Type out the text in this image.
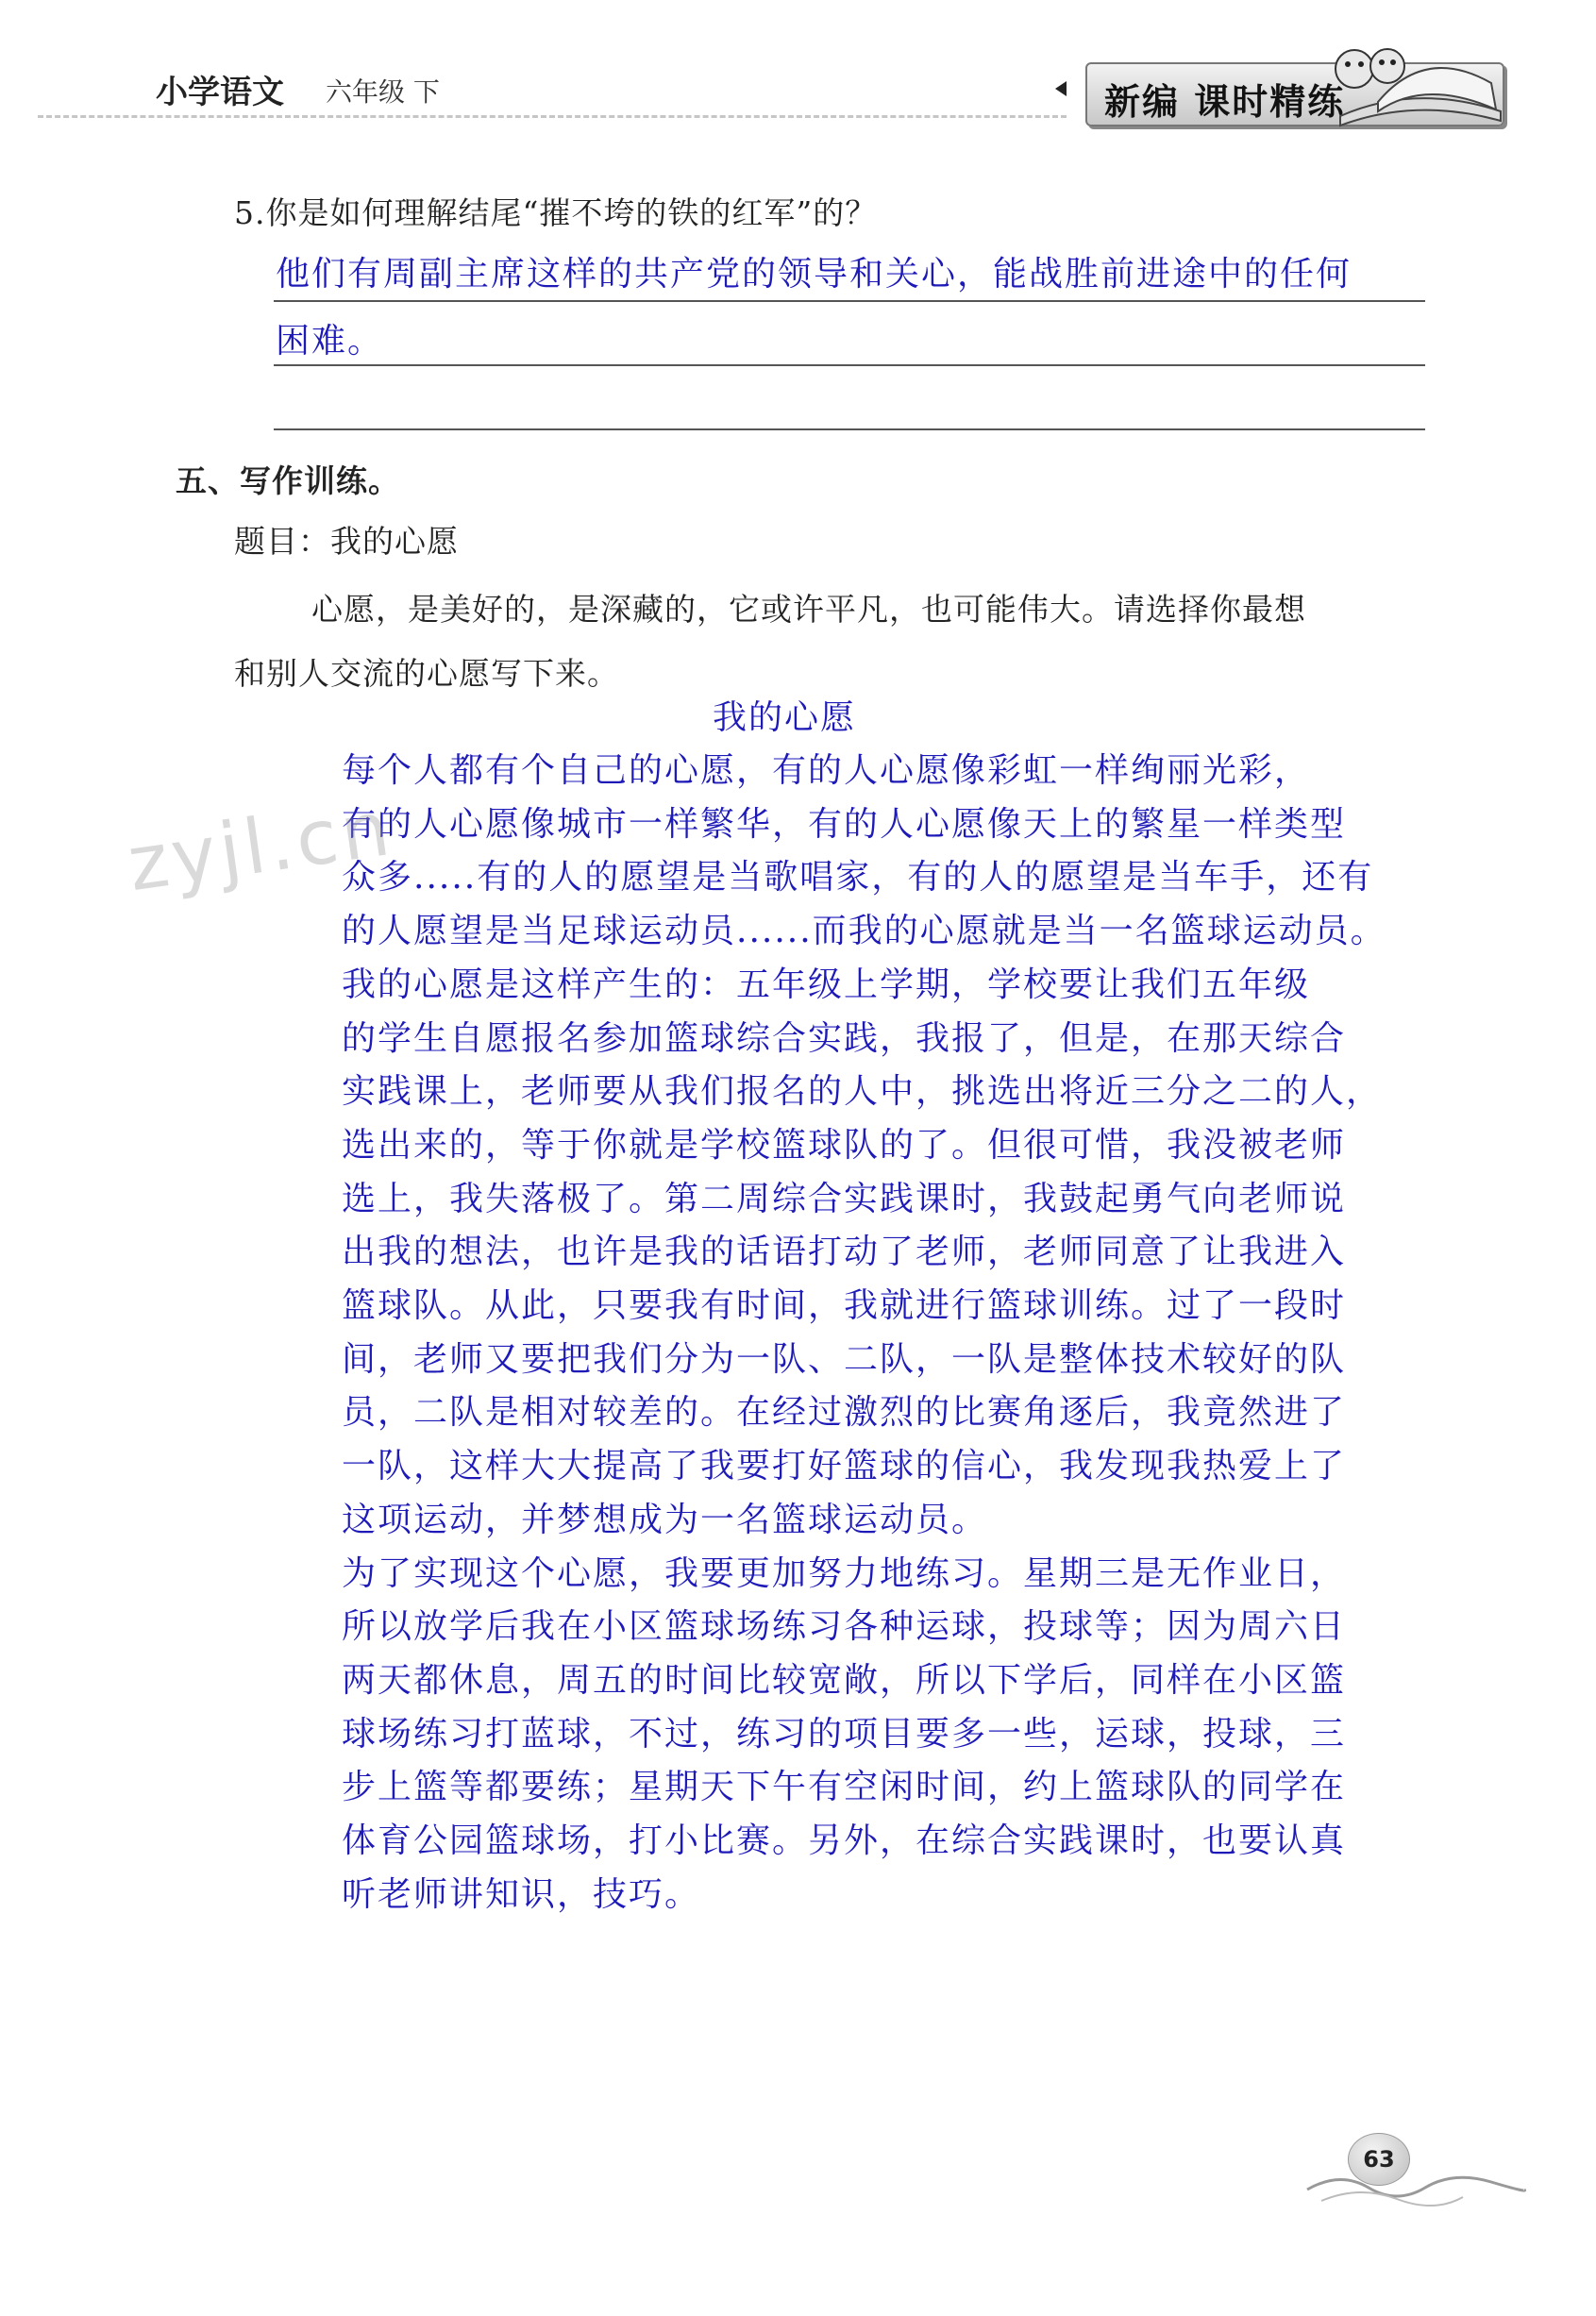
小学语文 六年级 下	新编 课时精练
5.你是如何理解结尾“摧不垮的铁的红军”的？
他们有周副主席这样的共产党的领导和关心，能战胜前进途中的任何
困难。
五、写作训练。
题目：我的心愿
心愿，是美好的，是深藏的，它或许平凡，也可能伟大。请选择你最想
和别人交流的心愿写下来。
我的心愿
每个人都有个自己的心愿，有的人心愿像彩虹一样绚丽光彩，
有的人心愿像城市一样繁华，有的人心愿像天上的繁星一样类型
众多.....有的人的愿望是当歌唱家，有的人的愿望是当车手，还有
的人愿望是当足球运动员......而我的心愿就是当一名篮球运动员。
我的心愿是这样产生的：五年级上学期，学校要让我们五年级
的学生自愿报名参加篮球综合实践，我报了，但是，在那天综合
实践课上，老师要从我们报名的人中，挑选出将近三分之二的人，
选出来的，等于你就是学校篮球队的了。但很可惜，我没被老师
选上，我失落极了。第二周综合实践课时，我鼓起勇气向老师说
出我的想法，也许是我的话语打动了老师，老师同意了让我进入
篮球队。从此，只要我有时间，我就进行篮球训练。过了一段时
间，老师又要把我们分为一队、二队，一队是整体技术较好的队
员，二队是相对较差的。在经过激烈的比赛角逐后，我竟然进了
一队，这样大大提高了我要打好篮球的信心，我发现我热爱上了
这项运动，并梦想成为一名篮球运动员。
为了实现这个心愿，我要更加努力地练习。星期三是无作业日，
所以放学后我在小区篮球场练习各种运球，投球等；因为周六日
两天都休息，周五的时间比较宽敞，所以下学后，同样在小区篮
球场练习打蓝球，不过，练习的项目要多一些，运球，投球，三
步上篮等都要练；星期天下午有空闲时间，约上篮球队的同学在
体育公园篮球场，打小比赛。另外，在综合实践课时，也要认真
听老师讲知识，技巧。
zyjl.cn
63
